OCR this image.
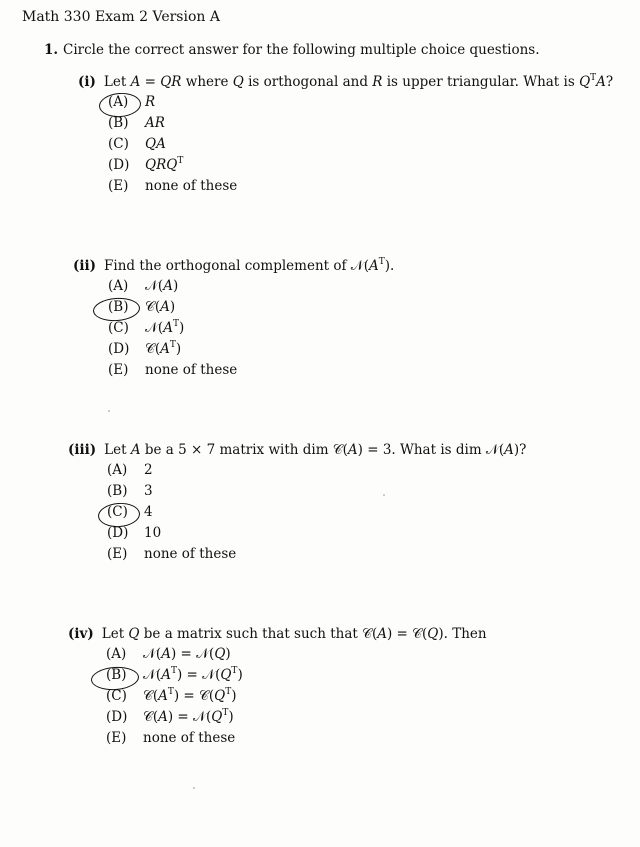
Math 330 Exam 2 Version A
1. Circle the correct answer for the following multiple choice questions.
(i) Let A = QR where Q is orthogonal and R is upper triangular. What is $Q^TA$?
(A)	R
(B)	AR
(C)	QA
(D)	$QRQ^T$
(E)	none of these
(ii) Find the orthogonal complement of $𝒩(A^T)$.
(A)	𝒩(A)
(B)	𝒞(A)
(C)	$𝒩(A^T)$
(D)	$𝒞(A^T)$
(E)	none of these
(iii) Let A be a 5 × 7 matrix with dim 𝒞(A) = 3. What is dim 𝒩(A)?
(A)	2
(B)	3
(C)	4
(D)	10
(E)	none of these
(iv) Let Q be a matrix such that such that 𝒞(A) = 𝒞(Q). Then
(A)	𝒩(A) = 𝒩(Q)
(B)	$𝒩(A^T)$ = $𝒩(Q^T)$
(C)	$𝒞(A^T)$ = $𝒞(Q^T)$
(D)	𝒞(A) = $𝒩(Q^T)$
(E)	none of these
